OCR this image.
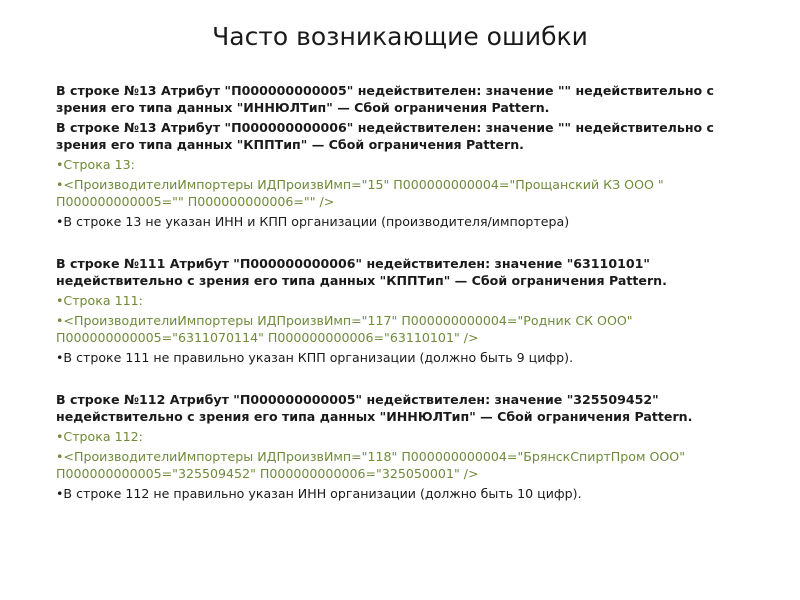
Часто возникающие ошибки

В строке №13 Атрибут "П000000000005" недействителен: значение "" недействительно с зрения его типа данных "ИННЮЛТип" — Сбой ограничения Pattern.

В строке №13 Атрибут "П000000000006" недействителен: значение "" недействительно с зрения его типа данных "КППТип" — Сбой ограничения Pattern.

•Строка 13:

•<ПроизводителиИмпортеры ИДПроизвИмп="15" П000000000004="Прощанский КЗ ООО " П000000000005="" П000000000006="" />

•В строке 13 не указан ИНН и КПП организации (производителя/импортера)

В строке №111 Атрибут "П000000000006" недействителен: значение "63110101" недействительно с зрения его типа данных "КППТип" — Сбой ограничения Pattern.

•Строка 111:

•<ПроизводителиИмпортеры ИДПроизвИмп="117" П000000000004="Родник СК ООО" П000000000005="6311070114" П000000000006="63110101" />

•В строке 111 не правильно указан КПП организации (должно быть 9 цифр).

В строке №112 Атрибут "П000000000005" недействителен: значение "325509452" недействительно с зрения его типа данных "ИННЮЛТип" — Сбой ограничения Pattern.

•Строка 112:

•<ПроизводителиИмпортеры ИДПроизвИмп="118" П000000000004="БрянскСпиртПром ООО" П000000000005="325509452" П000000000006="325050001" />

•В строке 112 не правильно указан ИНН организации (должно быть 10 цифр).
